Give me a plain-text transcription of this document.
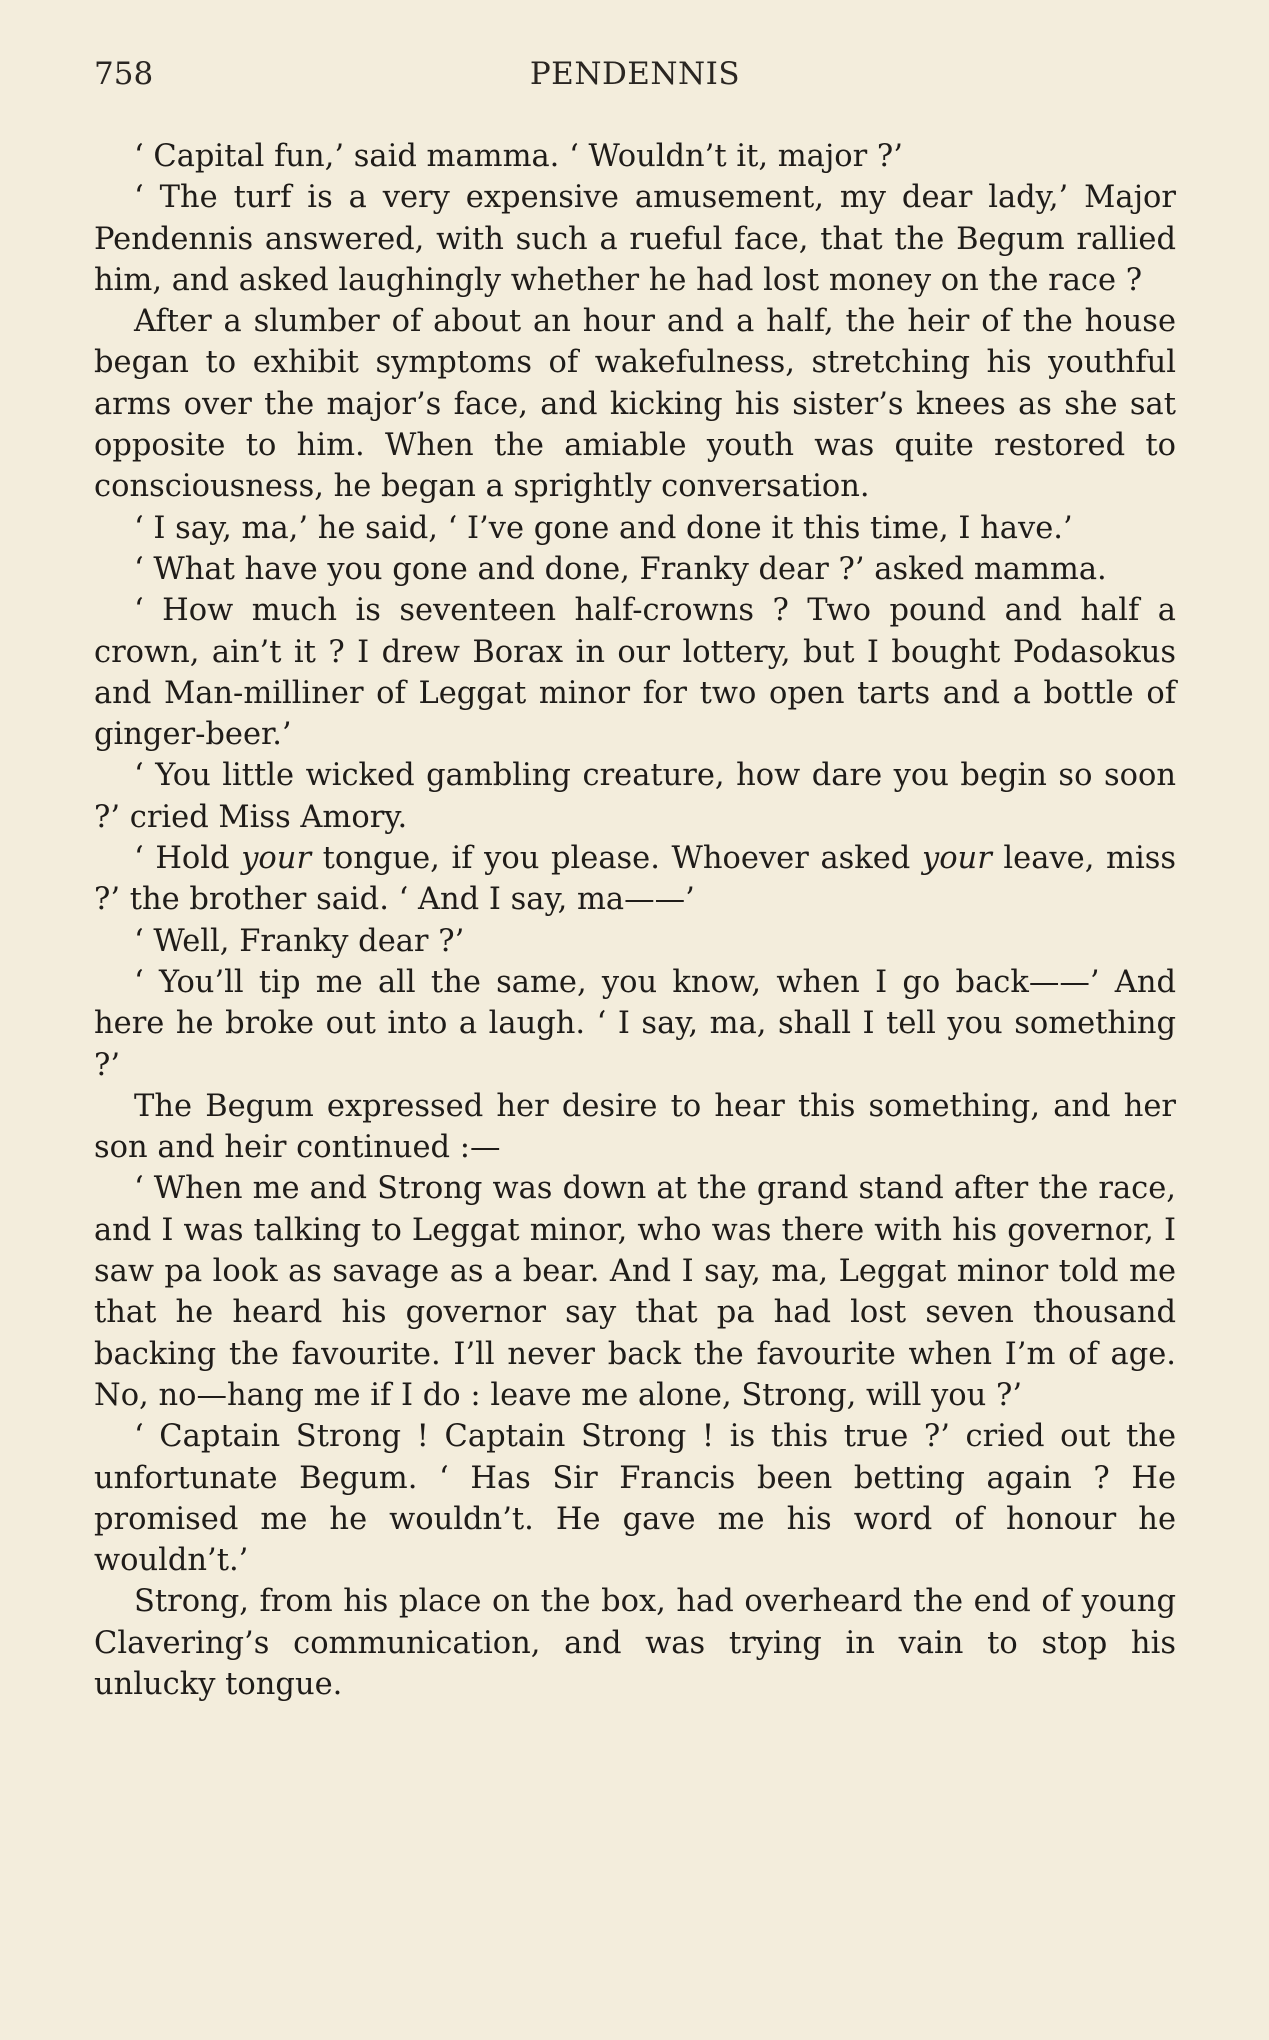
758	PENDENNIS

‘ Capital fun,’ said mamma. ‘ Wouldn’t it, major ?’

‘ The turf is a very expensive amusement, my dear lady,’ Major Pendennis answered, with such a rueful face, that the Begum rallied him, and asked laughingly whether he had lost money on the race ?

After a slumber of about an hour and a half, the heir of the house began to exhibit symptoms of wakefulness, stretching his youthful arms over the major’s face, and kicking his sister’s knees as she sat opposite to him. When the amiable youth was quite restored to consciousness, he began a sprightly conversation.

‘ I say, ma,’ he said, ‘ I’ve gone and done it this time, I have.’

‘ What have you gone and done, Franky dear ?’ asked mamma.

‘ How much is seventeen half-crowns ? Two pound and half a crown, ain’t it ? I drew Borax in our lottery, but I bought Podasokus and Man-milliner of Leggat minor for two open tarts and a bottle of ginger-beer.’

‘ You little wicked gambling creature, how dare you begin so soon ?’ cried Miss Amory.

‘ Hold your tongue, if you please. Whoever asked your leave, miss ?’ the brother said. ‘ And I say, ma——’

‘ Well, Franky dear ?’

‘ You’ll tip me all the same, you know, when I go back——’ And here he broke out into a laugh. ‘ I say, ma, shall I tell you something ?’

The Begum expressed her desire to hear this something, and her son and heir continued :—

‘ When me and Strong was down at the grand stand after the race, and I was talking to Leggat minor, who was there with his governor, I saw pa look as savage as a bear. And I say, ma, Leggat minor told me that he heard his governor say that pa had lost seven thousand backing the favourite. I’ll never back the favourite when I’m of age. No, no—hang me if I do : leave me alone, Strong, will you ?’

‘ Captain Strong ! Captain Strong ! is this true ?’ cried out the unfortunate Begum. ‘ Has Sir Francis been betting again ? He promised me he wouldn’t. He gave me his word of honour he wouldn’t.’

Strong, from his place on the box, had overheard the end of young Clavering’s communication, and was trying in vain to stop his unlucky tongue.
